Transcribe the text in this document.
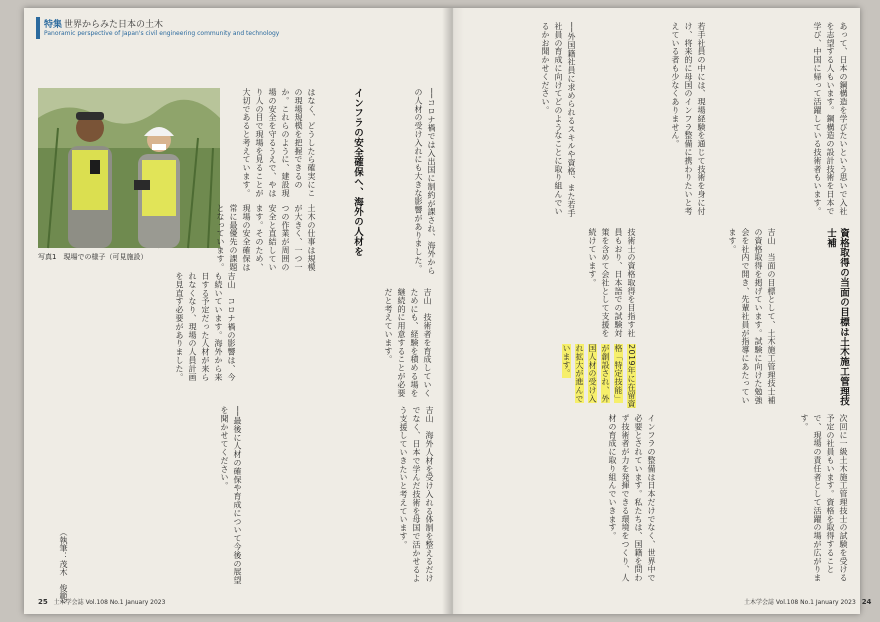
特集 世界からみた日本の土木
Panoramic perspective of Japan's civil engineering community and technology
写真1　現場での様子（可見施設）
はなく、どうしたら確実にこの現場規模を把握できるのか。これらのように、建設現場の安全を守るうえで、やはり人の目で現場を見ることが大切であると考えています。
土木の仕事は規模が大きく、一つ一つの作業が周囲の安全と直結しています。そのため、現場の安全確保は常に最優先の課題となっています。	インフラの安全確保へ、海外の人材を	──コロナ禍では入出国に制約が課され、海外からの人材の受け入れにも大きな影響がありました。
吉山　コロナ禍の影響は、今も続いています。海外から来日する予定だった人材が来られなくなり、現場の人員計画を見直す必要がありました。	吉山　技術者を育成していくためにも、経験を積める場を継続的に用意することが必要だと考えています。
──最後に人材の確保や育成について今後の展望を聞かせてください。	吉山　海外人材を受け入れる体制を整えるだけでなく、日本で学んだ技術を母国で活かせるよう支援していきたいと考えています。
（執筆：茂木　俊範）
あって、日本の鋼構造を学びたいという思いで入社を志望する人もいます。鋼構造の設計技術を日本で学び、中国に帰って活躍している技術者もいます。
若手社員の中には、現場経験を通じて技術を身に付け、将来的に母国のインフラ整備に携わりたいと考えている者も少なくありません。
──外国籍社員に求められるスキルや資格、また若手社員の育成に向けてどのようなことに取り組んでいるかお聞かせください。
資格取得の当面の目標は土木施工管理技士補
吉山　当面の目標として、土木施工管理技士補の資格取得を掲げています。試験に向けた勉強会を社内で開き、先輩社員が指導にあたっています。
技術士の資格取得を目指す社員もおり、日本語での試験対策を含めて会社として支援を続けています。
2019年に在留資格「特定技能」が創設され、外国人材の受け入れ拡大が進んでいます。
次回に一級土木施工管理技士の試験を受ける予定の社員もいます。資格を取得することで、現場の責任者として活躍の場が広がります。
インフラの整備は日本だけでなく、世界中で必要とされています。私たちは、国籍を問わず技術者が力を発揮できる環境をつくり、人材の育成に取り組んでいきます。
25 土木学会誌 Vol.108 No.1 January 2023	土木学会誌 Vol.108 No.1 January 2023 24
